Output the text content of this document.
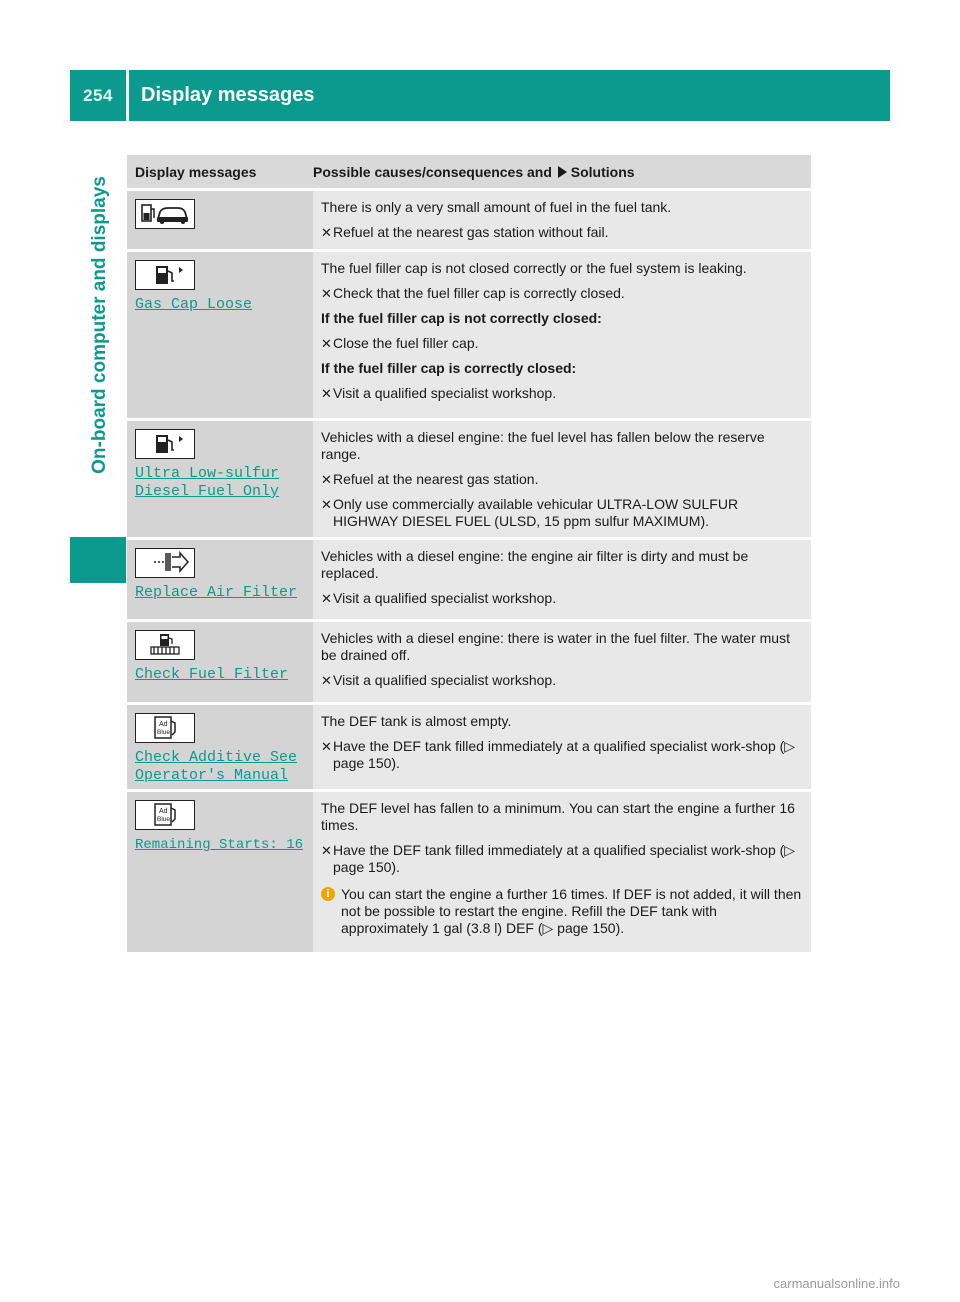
254	Display messages
On-board computer and displays
Display messages	Possible causes/consequences and Solutions
There is only a very small amount of fuel in the fuel tank.
✕ Refuel at the nearest gas station without fail.
Gas Cap Loose
The fuel filler cap is not closed correctly or the fuel system is leaking.
✕ Check that the fuel filler cap is correctly closed.
If the fuel filler cap is not correctly closed:
✕ Close the fuel filler cap.
If the fuel filler cap is correctly closed:
✕ Visit a qualified specialist workshop.
Ultra Low-sulfur
Diesel Fuel Only
Vehicles with a diesel engine: the fuel level has fallen below the reserve range.
✕ Refuel at the nearest gas station.
✕ Only use commercially available vehicular ULTRA-LOW SULFUR HIGHWAY DIESEL FUEL (ULSD, 15 ppm sulfur MAXIMUM).
Replace Air Filter
Vehicles with a diesel engine: the engine air filter is dirty and must be replaced.
✕ Visit a qualified specialist workshop.
Check Fuel Filter
Vehicles with a diesel engine: there is water in the fuel filter. The water must be drained off.
✕ Visit a qualified specialist workshop.
Ad
Blue
Check Additive See
Operator's Manual
The DEF tank is almost empty.
✕ Have the DEF tank filled immediately at a qualified specialist work-shop (▷ page 150).
Ad
Blue
Remaining Starts: 16
The DEF level has fallen to a minimum. You can start the engine a further 16 times.
✕ Have the DEF tank filled immediately at a qualified specialist work-shop (▷ page 150).
i You can start the engine a further 16 times. If DEF is not added, it will then not be possible to restart the engine. Refill the DEF tank with approximately 1 gal (3.8 l) DEF (▷ page 150).
carmanualsonline.info
